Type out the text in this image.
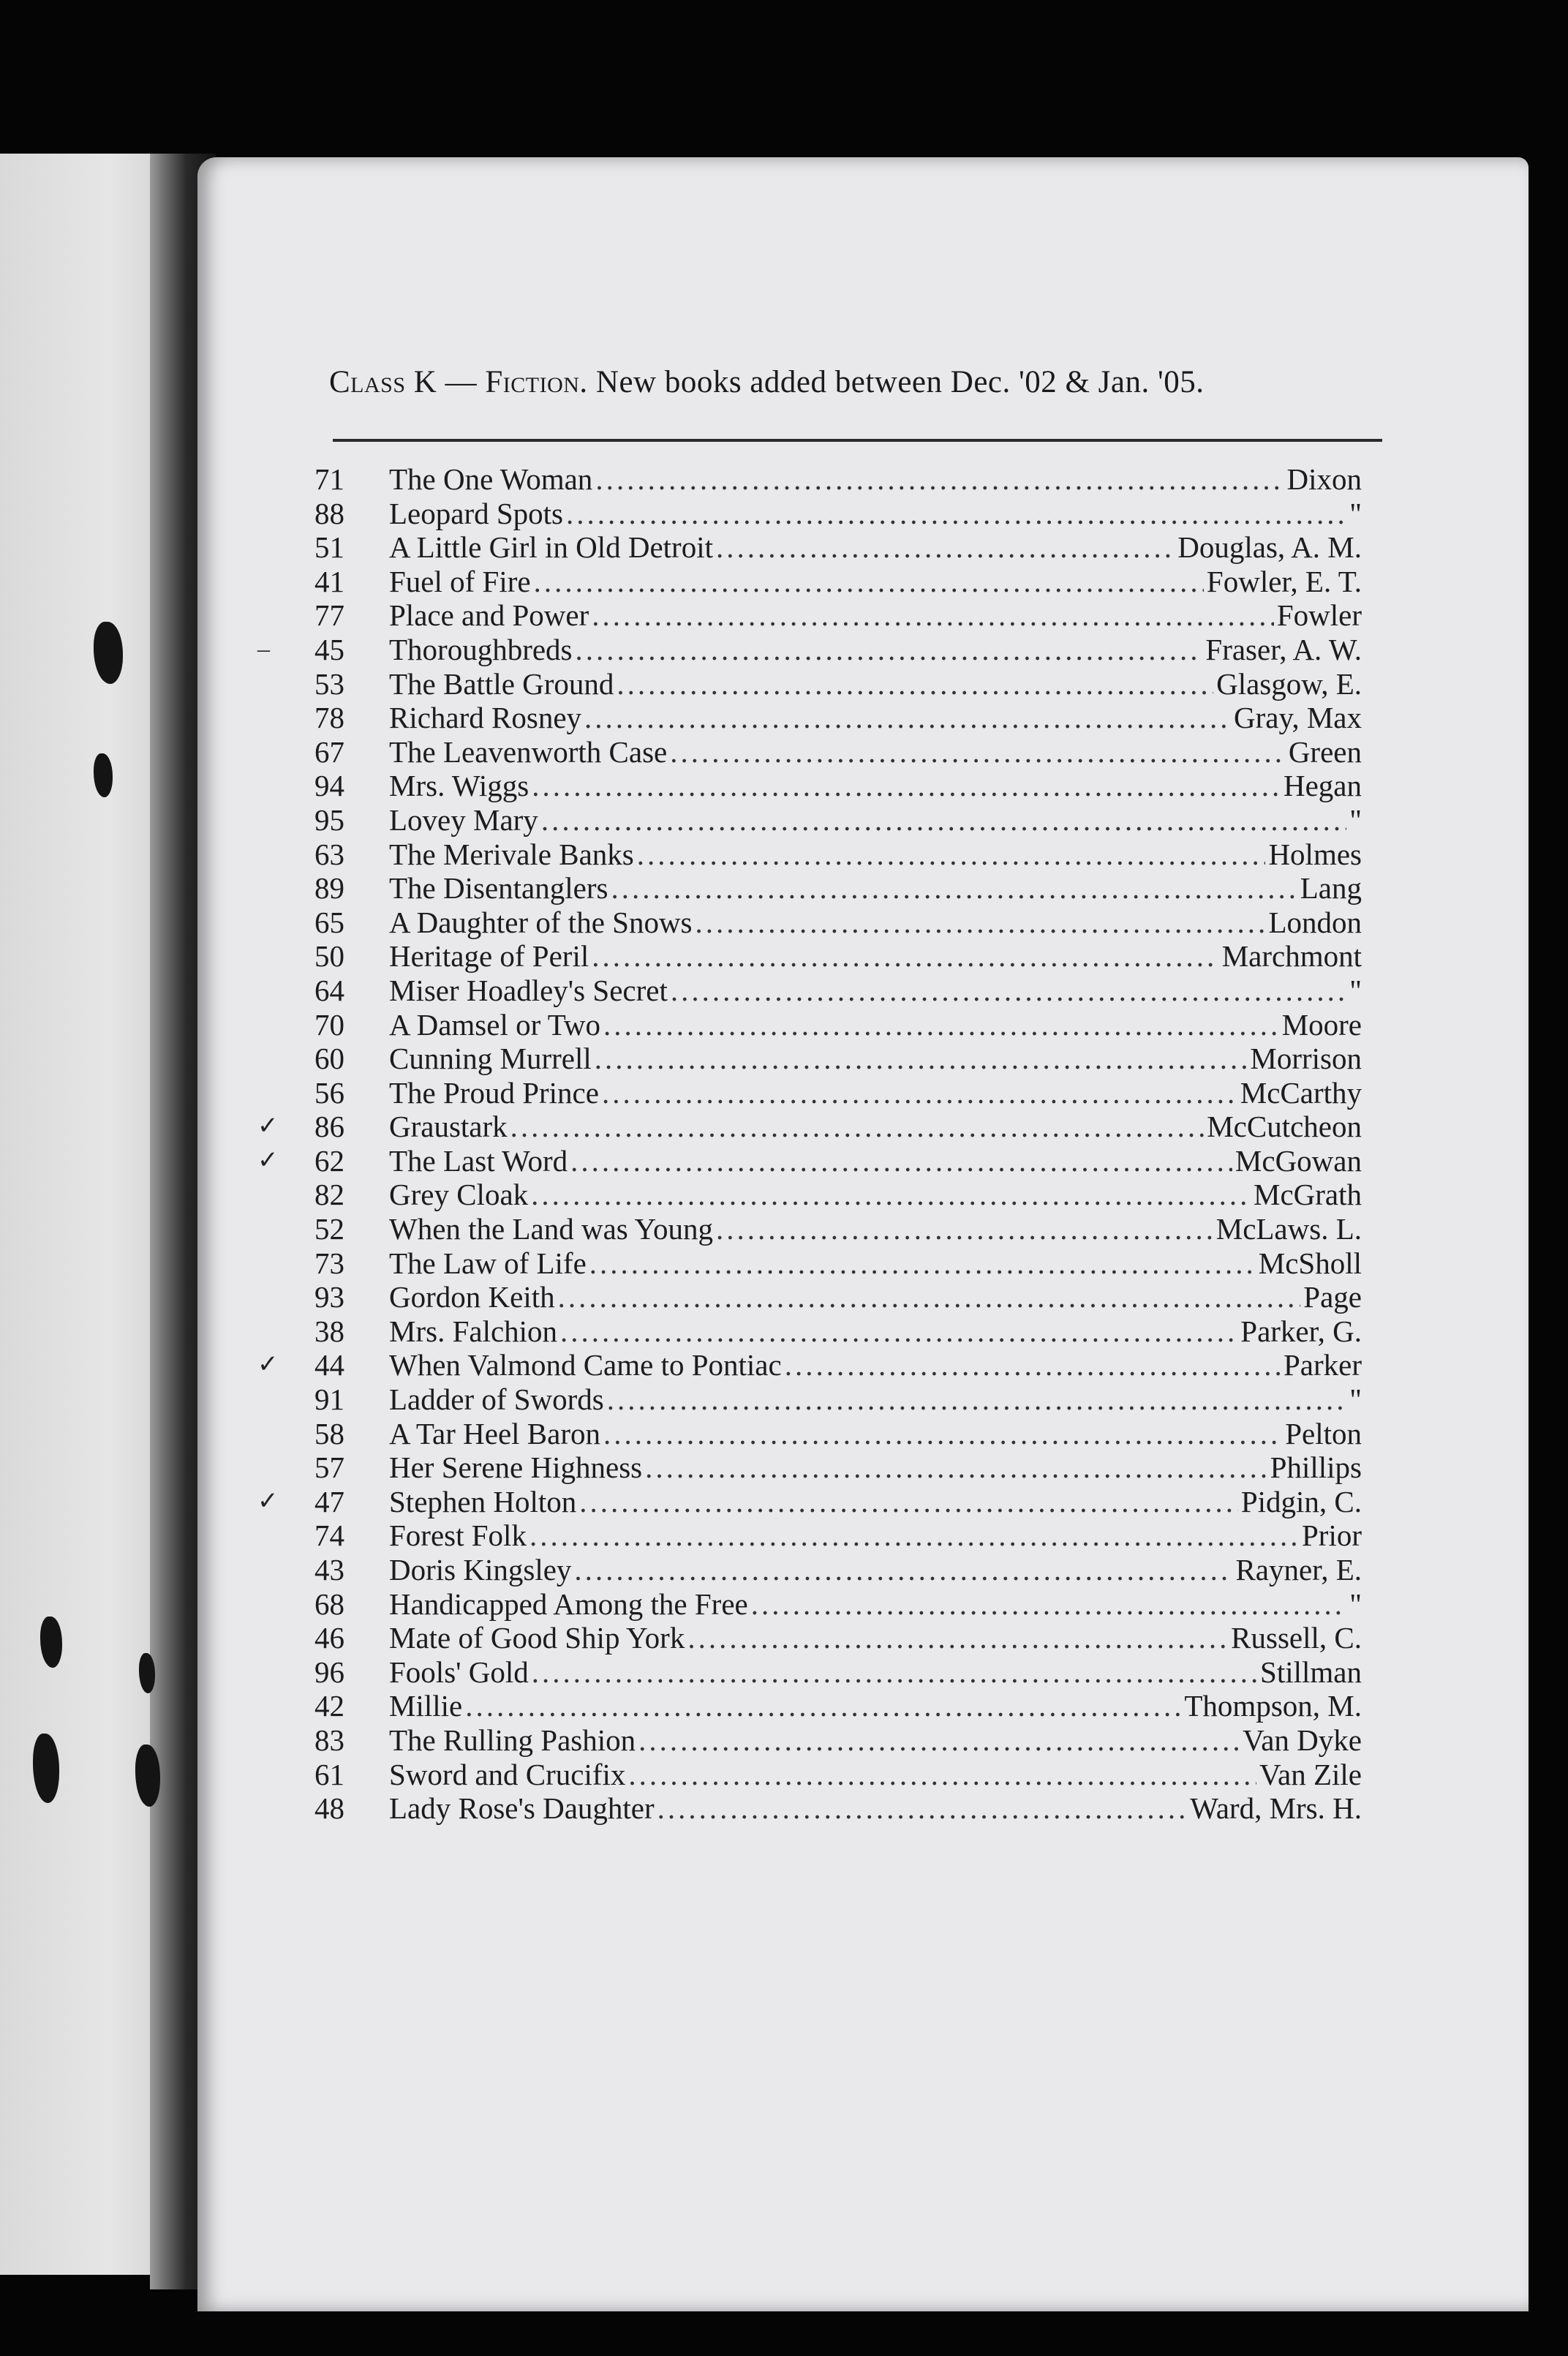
Class K — Fiction. New books added between Dec. '02 & Jan. '05.
71	The One Woman .....	Dixon
88	Leopard Spots .....	"
51	A Little Girl in Old Detroit .....	Douglas, A. M.
41	Fuel of Fire .....	Fowler, E. T.
77	Place and Power .....	Fowler
– 45	Thoroughbreds .....	Fraser, A. W.
53	The Battle Ground .....	Glasgow, E.
78	Richard Rosney .....	Gray, Max
67	The Leavenworth Case .....	Green
94	Mrs. Wiggs .....	Hegan
95	Lovey Mary .....	"
63	The Merivale Banks .....	Holmes
89	The Disentanglers .....	Lang
65	A Daughter of the Snows .....	London
50	Heritage of Peril .....	Marchmont
64	Miser Hoadley's Secret .....	"
70	A Damsel or Two .....	Moore
60	Cunning Murrell .....	Morrison
56	The Proud Prince .....	McCarthy
✓ 86	Graustark .....	McCutcheon
✓ 62	The Last Word .....	McGowan
82	Grey Cloak .....	McGrath
52	When the Land was Young .....	McLaws. L.
73	The Law of Life .....	McSholl
93	Gordon Keith .....	Page
38	Mrs. Falchion .....	Parker, G.
✓ 44	When Valmond Came to Pontiac .....	Parker
91	Ladder of Swords .....	"
58	A Tar Heel Baron .....	Pelton
57	Her Serene Highness .....	Phillips
✓ 47	Stephen Holton .....	Pidgin, C.
74	Forest Folk .....	Prior
43	Doris Kingsley .....	Rayner, E.
68	Handicapped Among the Free .....	"
46	Mate of Good Ship York .....	Russell, C.
96	Fools' Gold .....	Stillman
42	Millie .....	Thompson, M.
83	The Rulling Pashion .....	Van Dyke
61	Sword and Crucifix .....	Van Zile
48	Lady Rose's Daughter .....	Ward, Mrs. H.
